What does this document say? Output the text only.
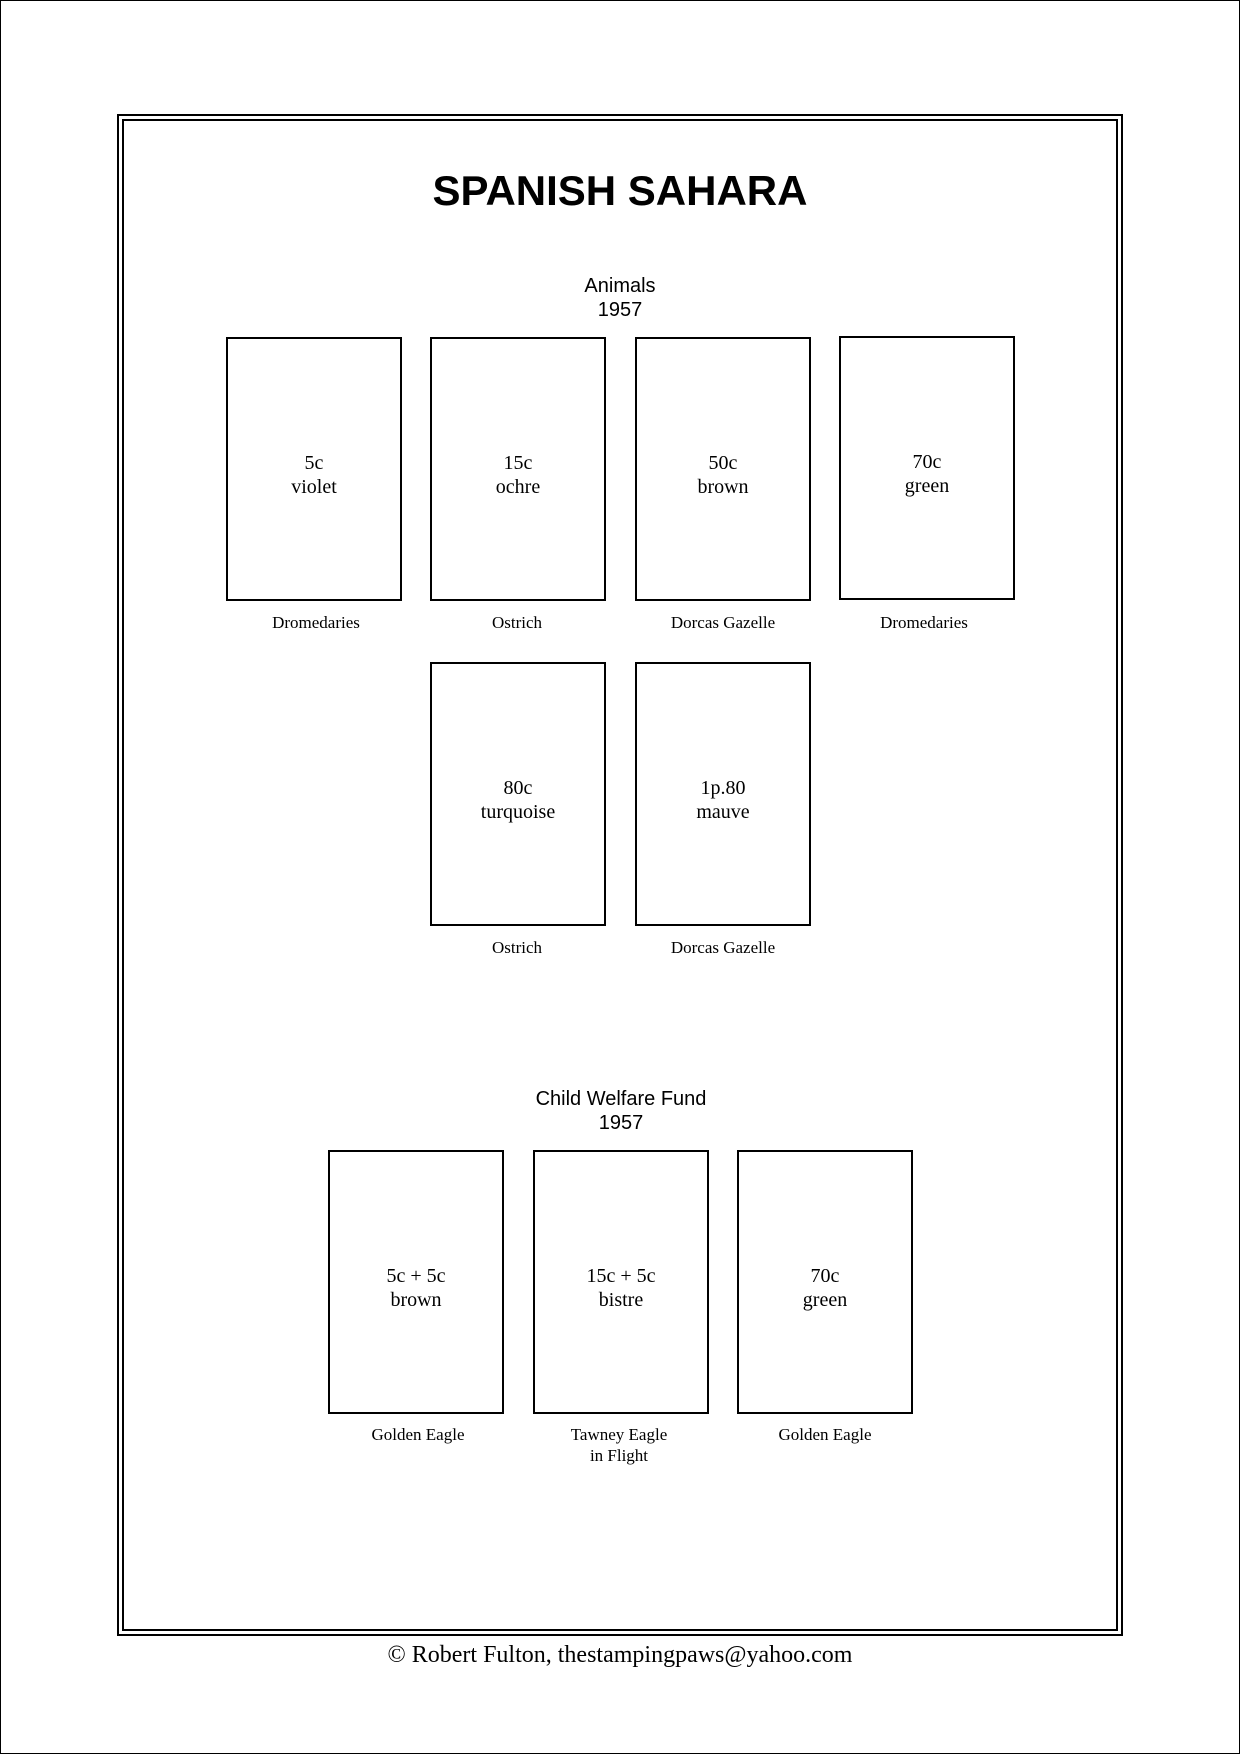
SPANISH SAHARA
Animals
1957
5c
violet
Dromedaries
15c
ochre
Ostrich
50c
brown
Dorcas Gazelle
70c
green
Dromedaries
80c
turquoise
Ostrich
1p.80
mauve
Dorcas Gazelle
Child Welfare Fund
1957
5c + 5c
brown
Golden Eagle
15c + 5c
bistre
Tawney Eagle
in Flight
70c
green
Golden Eagle
© Robert Fulton, thestampingpaws@yahoo.com
